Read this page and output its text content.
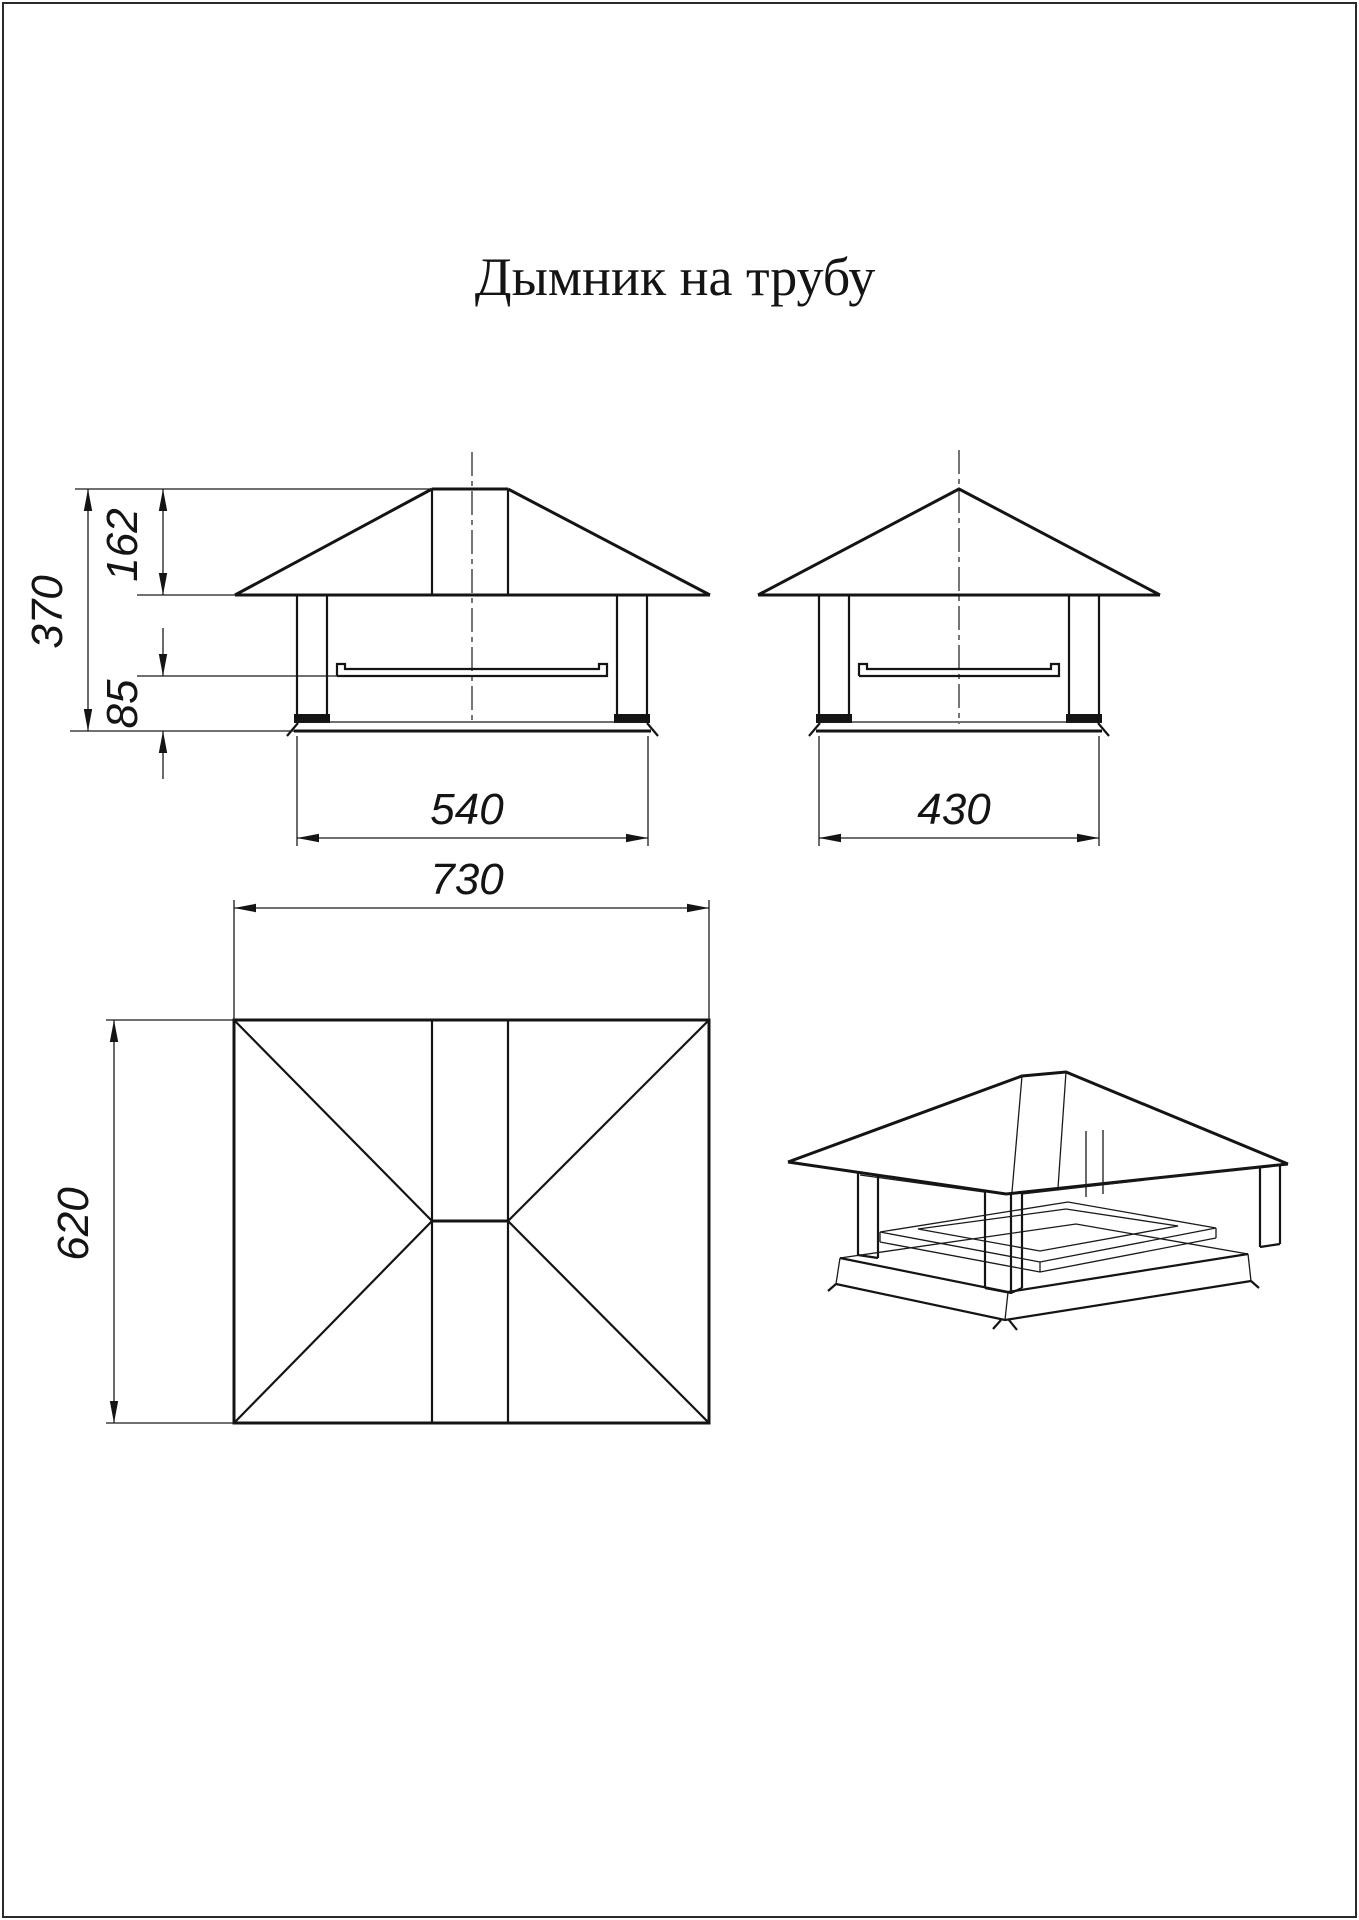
Дымник на трубу
162
370
85
540	430
730
620
